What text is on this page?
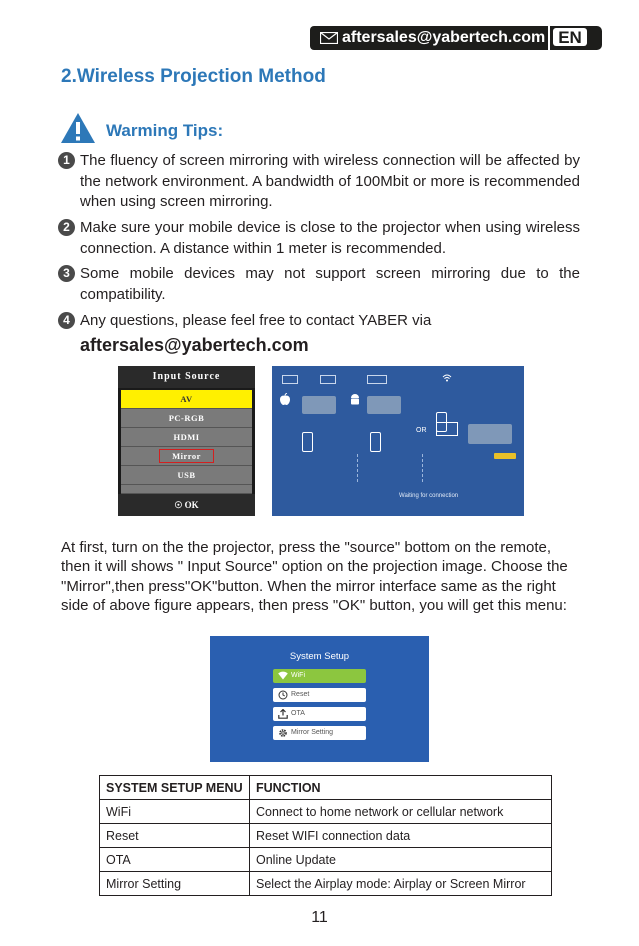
aftersales@yabertech.com EN
2.Wireless Projection Method
Warming Tips:
1 The fluency of screen mirroring with wireless connection will be affected by the network environment. A bandwidth of 100Mbit or more is recommended when using screen mirroring.
2 Make sure your mobile device is close to the projector when using wireless connection. A distance within 1 meter is recommended.
3 Some mobile devices may not support screen mirroring due to the compatibility.
4 Any questions, please feel free to contact YABER via
aftersales@yabertech.com
Input Source
AV
PC-RGB
HDMI
Mirror
USB
☉ OK
OR
Waiting for connection
At first, turn on the the projector, press the "source" bottom on the remote, then it will shows " Input Source" option on the projection image. Choose the "Mirror",then press"OK"button. When the mirror interface same as the right side of above figure appears, then press "OK" button, you will get this menu:
System Setup
WiFi
Reset
OTA
Mirror Setting
SYSTEM SETUP MENU	FUNCTION
WiFi	Connect to home network or cellular network
Reset	Reset WIFI connection data
OTA	Online Update
Mirror Setting	Select the Airplay mode: Airplay or Screen Mirror
11
